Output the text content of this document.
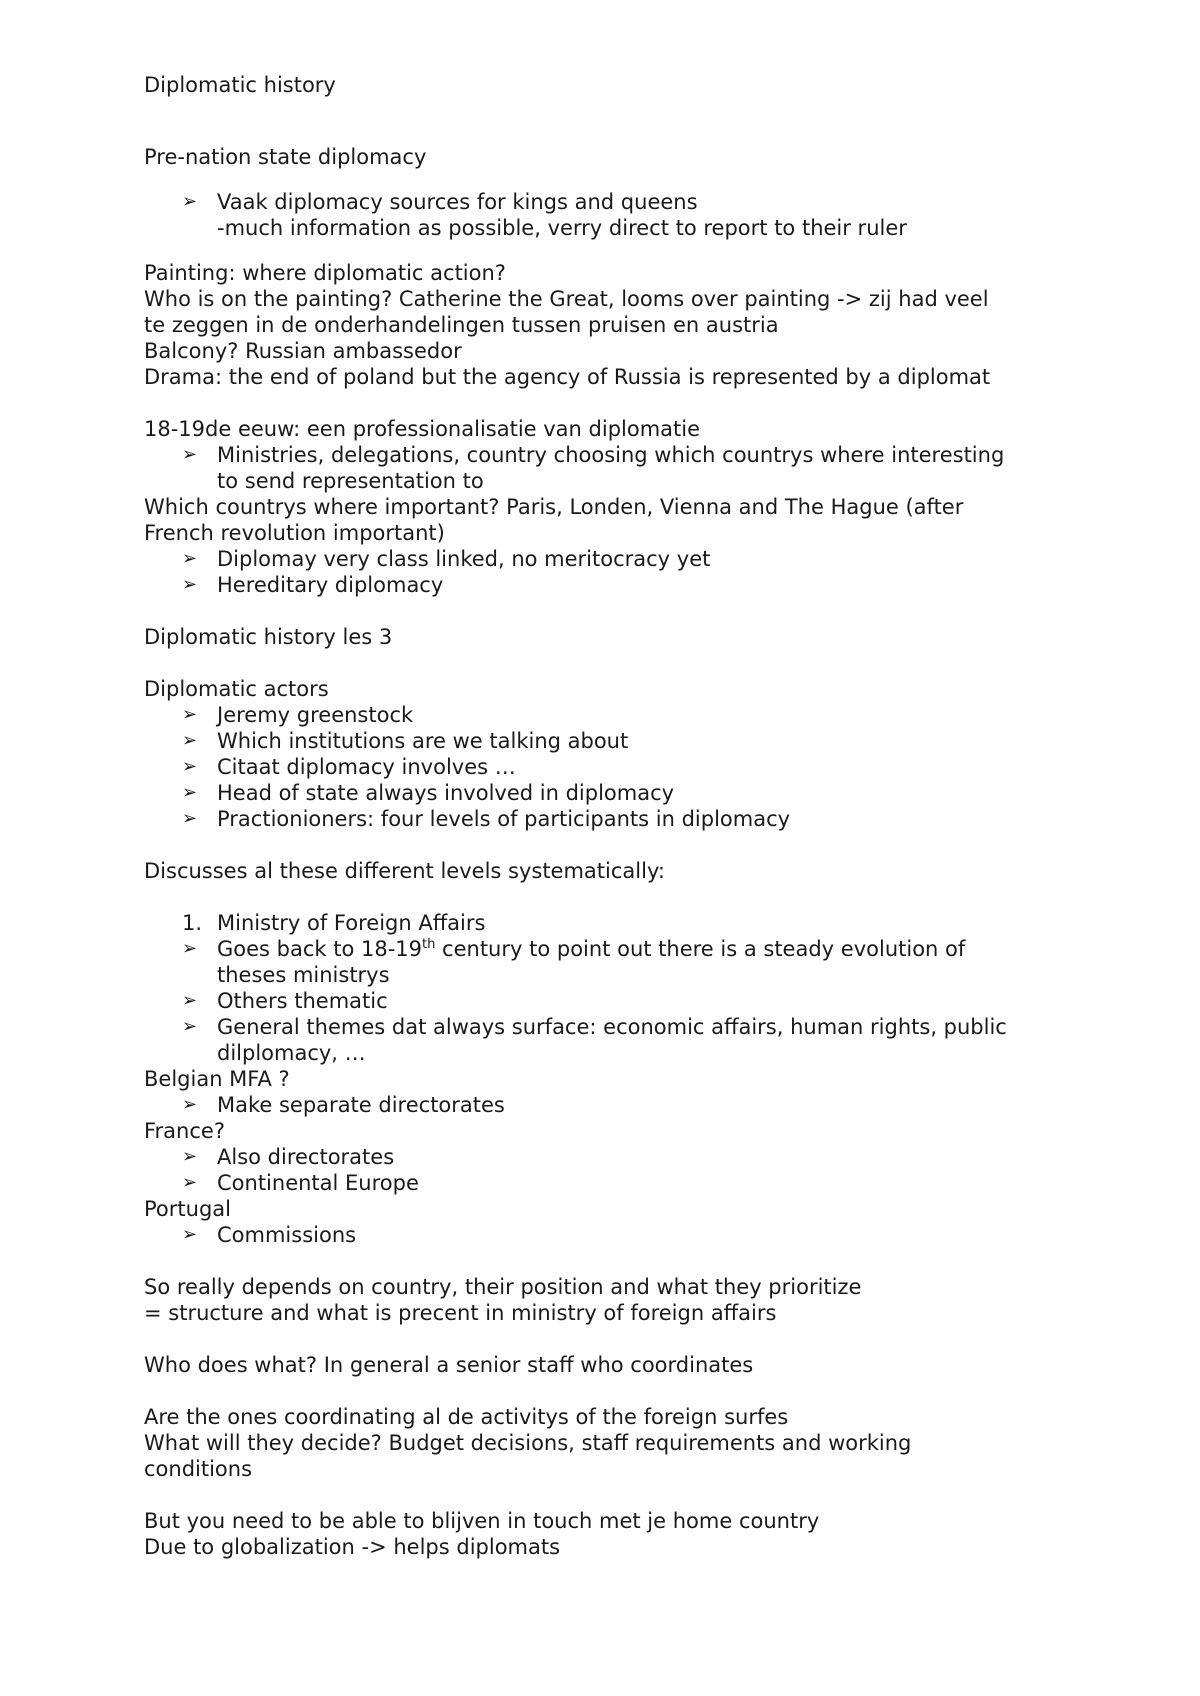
Diplomatic history

Pre-nation state diplomacy

➢ Vaak diplomacy sources for kings and queens

-much information as possible, verry direct to report to their ruler

Painting: where diplomatic action?

Who is on the painting? Catherine the Great, looms over painting -> zij had veel

te zeggen in de onderhandelingen tussen pruisen en austria

Balcony? Russian ambassedor

Drama: the end of poland but the agency of Russia is represented by a diplomat

18-19de eeuw: een professionalisatie van diplomatie

➢ Ministries, delegations, country choosing which countrys where interesting
to send representation to

Which countrys where important? Paris, Londen, Vienna and The Hague (after

French revolution important)

➢ Diplomay very class linked, no meritocracy yet
➢ Hereditary diplomacy

Diplomatic history les 3

Diplomatic actors

➢ Jeremy greenstock
➢ Which institutions are we talking about
➢ Citaat diplomacy involves …
➢ Head of state always involved in diplomacy
➢ Practionioners: four levels of participants in diplomacy

Discusses al these different levels systematically:

1. Ministry of Foreign Affairs
➢ Goes back to 18-19th century to point out there is a steady evolution of
theses ministrys
➢ Others thematic
➢ General themes dat always surface: economic affairs, human rights, public
dilplomacy, …

Belgian MFA ?

➢ Make separate directorates

France?

➢ Also directorates
➢ Continental Europe

Portugal

➢ Commissions

So really depends on country, their position and what they prioritize

= structure and what is precent in ministry of foreign affairs

Who does what? In general a senior staff who coordinates

Are the ones coordinating al de activitys of the foreign surfes

What will they decide? Budget decisions, staff requirements and working

conditions

But you need to be able to blijven in touch met je home country

Due to globalization -> helps diplomats
